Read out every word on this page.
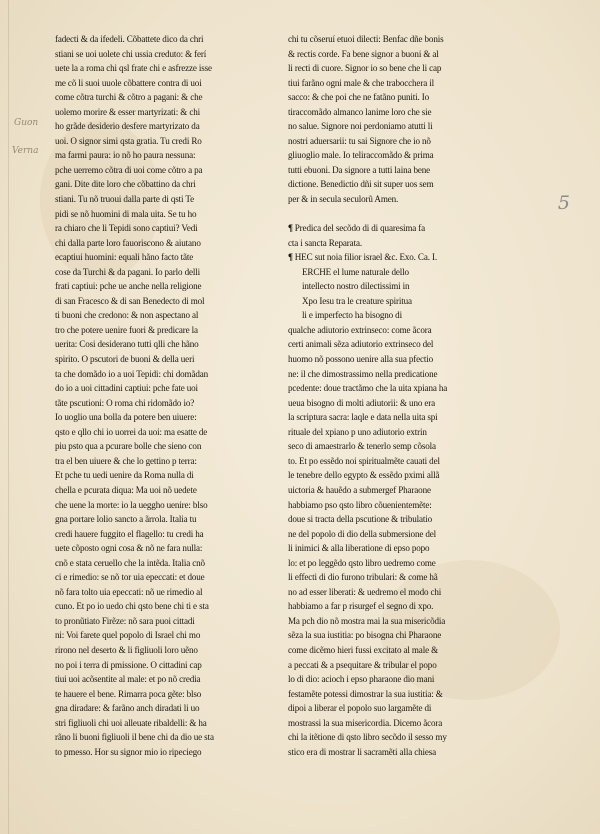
Guon
Verna
5
fadecti & da ifedeli. Cõbattete dico da chri
stiani se uoi uolete chi ussia creduto: & ferí
uete la a roma chi qsl frate chi e asfrezze isse
me cõ li suoi uuole cõbattere contra di uoi
come cõtra turchi & cõtro a pagani: & che
uolemo morire & esser martyrizati: & chi
ho grãde desiderio desfere martyrizato da
uoi. O signor simi qsta gratia. Tu credi Ro
ma farmi paura: io nõ ho paura nessuna:
pche uerremo cõtra di uoi come cõtro a pa
gani. Dite dite loro che cõbattino da chri
stiani. Tu nõ truoui dalla parte di qsti Te
pidi se nõ huomini di mala uita. Se tu ho
ra chiaro che li Tepidi sono captiui? Vedi
chi dalla parte loro fauoriscono & aiutano
ecaptiui huomini: equali hãno facto tãte
cose da Turchi & da pagani. Io parlo delli
frati captiui: pche ue anche nella religione
di san Fracesco & di san Benedecto di mol
ti buoni che credono: & non aspectano al
tro che potere uenire fuori & predicare la
uerita: Cosi desiderano tutti qlli che hãno
spirito. O pscutori de buoni & della ueri
ta che domãdo io a uoi Tepidi: chi domãdan
do io a uoi cittadini captiui: pche fate uoi
tãte pscutioni: O roma chi ridomãdo io?
Io uoglio una bolla da potere ben uiuere:
qsto e qllo chi io uorrei da uoi: ma esatte de
piu psto qua a pcurare bolle che sieno con
tra el ben uiuere & che lo gettino p terra:
Et pche tu uedi uenire da Roma nulla di
chella e pcurata diqua: Ma uoi nõ uedete
che uene la morte: io la ueggho uenire: blso
gna portare lolio sancto a ãrrola. Italia tu
credi hauere fuggito el flagello: tu credi ha
uete cõposto ogni cosa & nõ ne fara nulla:
cnõ e stata ceruello che la intẽda. Italia cnõ
ci e rimedio: se nõ tor uia epeccati: et doue
nõ fara tolto uia epeccati: nõ ue rimedio al
cuno. Et po io uedo chi qsto bene chi ti e sta
to pronũtiato Firẽze: nõ sara puoi cittadi
ni: Voi farete quel popolo di Israel chi mo
rirono nel deserto & li figliuoli loro uẽno
no poi i terra di pmissione. O cittadini cap
tiui uoi acõsentite al male: et po nõ credia
te hauere el bene. Rimarra poca gẽte: blso
gna diradare: & farãno anch diradati li uo
stri figliuoli chi uoi alleuate ribaldelli: & ha
rãno li buoni figliuoli il bene chi da dio ue sta
to pmesso. Hor su signor mio io ripeciego
chi tu cõseruí etuoi dilecti: Benfac dñe bonis
& rectis corde. Fa bene signor a buoni & al
li recti di cuore. Signor io so bene che li cap
tiui farãno ogni male & che trabocchera il
sacco: & che poi che ne fatãno puniti. Io
tiraccomãdo almanco lanime loro che sie
no salue. Signore noi perdoniamo atutti li
nostri aduersarii: tu sai Signore che io nõ
gliuoglio male. Io teliraccomãdo & prima
tutti ebuoni. Da signore a tutti laina bene
dictione. Benedictio dñi sit super uos sem
per & in secula seculorũ Amen.
¶ Predica del secõdo di di quaresima fa
cta i sancta Reparata.
¶ HEC sut noia filior israel &c. Exo. Ca. I.
ERCHE el lume naturale dello
intellecto nostro dilectissimi in
Xpo Iesu tra le creature spiritua
li e imperfecto ha bisogno di
qualche adiutorio extrinseco: come ãcora
certi animali sẽza adiutorio extrinseco del
huomo nõ possono uenire alla sua pfectio
ne: il che dimostrassimo nella predicatione
pcedente: doue tractãmo che la uita xpiana ha
ueua bisogno di molti adiutorii: & uno era
la scriptura sacra: laqle e data nella uita spi
rituale del xpiano p uno adiutorio extrin
seco di amaestrarlo & tenerlo semp cõsola
to. Et po essẽdo noi spiritualmẽte cauati del
le tenebre dello egypto & essẽdo pximi allã
uictoria & hauẽdo a submergef Pharaone
habbiamo pso qsto libro cõuenientemẽte:
doue si tracta della pscutione & tribulatio
ne del popolo di dio della submersione del
li inimici & alla liberatione di epso popo
lo: et po leggẽdo qsto libro uedremo come
li effecti di dio furono tribulari: & come hã
no ad esser liberati: & uedremo el modo chi
habbiamo a far p risurgef el segno di xpo.
Ma pch dio nõ mostra mai la sua misericõdia
sẽza la sua iustitia: po bisogna chi Pharaone
come dicẽmo hieri fussi excitato al male &
a peccati & a psequitare & tribular el popo
lo di dio: acioch i epso pharaone dio mani
festamẽte potessi dimostrar la sua iustitia: &
dipoi a liberar el popolo suo largamẽte di
mostrassi la sua misericordia. Dicemo ãcora
chi la itẽtione di qsto libro secõdo il sesso my
stico era di mostrar li sacramẽti alla chiesa
